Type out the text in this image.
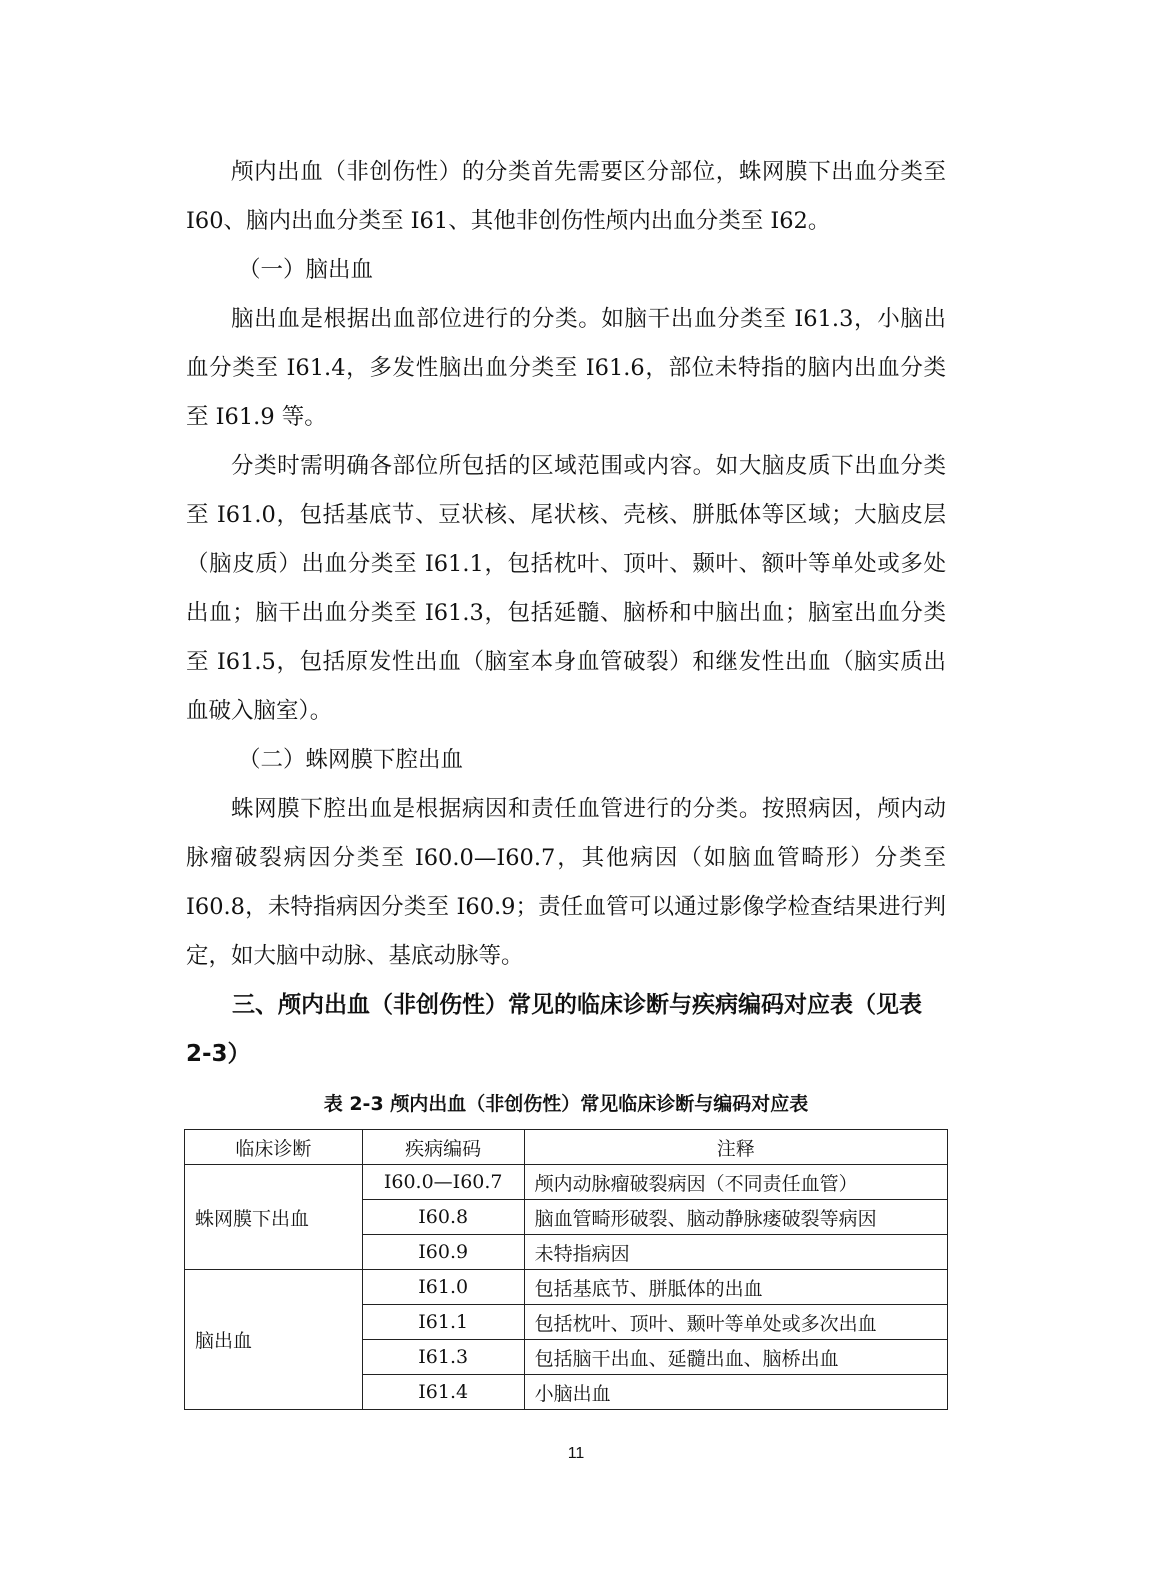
颅内出血（非创伤性）的分类首先需要区分部位，蛛网膜下出血分类至 I60、脑内出血分类至 I61、其他非创伤性颅内出血分类至 I62。

（一）脑出血

脑出血是根据出血部位进行的分类。如脑干出血分类至 I61.3，小脑出血分类至 I61.4，多发性脑出血分类至 I61.6，部位未特指的脑内出血分类至 I61.9 等。

分类时需明确各部位所包括的区域范围或内容。如大脑皮质下出血分类至 I61.0，包括基底节、豆状核、尾状核、壳核、胼胝体等区域；大脑皮层（脑皮质）出血分类至 I61.1，包括枕叶、顶叶、颞叶、额叶等单处或多处出血；脑干出血分类至 I61.3，包括延髓、脑桥和中脑出血；脑室出血分类至 I61.5，包括原发性出血（脑室本身血管破裂）和继发性出血（脑实质出血破入脑室）。

（二）蛛网膜下腔出血

蛛网膜下腔出血是根据病因和责任血管进行的分类。按照病因，颅内动脉瘤破裂病因分类至 I60.0—I60.7，其他病因（如脑血管畸形）分类至 I60.8，未特指病因分类至 I60.9；责任血管可以通过影像学检查结果进行判定，如大脑中动脉、基底动脉等。

三、颅内出血（非创伤性）常见的临床诊断与疾病编码对应表（见表 2-3）
表 2-3 颅内出血（非创伤性）常见临床诊断与编码对应表
临床诊断	疾病编码	注释
蛛网膜下出血	I60.0—I60.7	颅内动脉瘤破裂病因（不同责任血管）
	I60.8	脑血管畸形破裂、脑动静脉瘘破裂等病因
	I60.9	未特指病因
脑出血	I61.0	包括基底节、胼胝体的出血
	I61.1	包括枕叶、顶叶、颞叶等单处或多次出血
	I61.3	包括脑干出血、延髓出血、脑桥出血
	I61.4	小脑出血
11
